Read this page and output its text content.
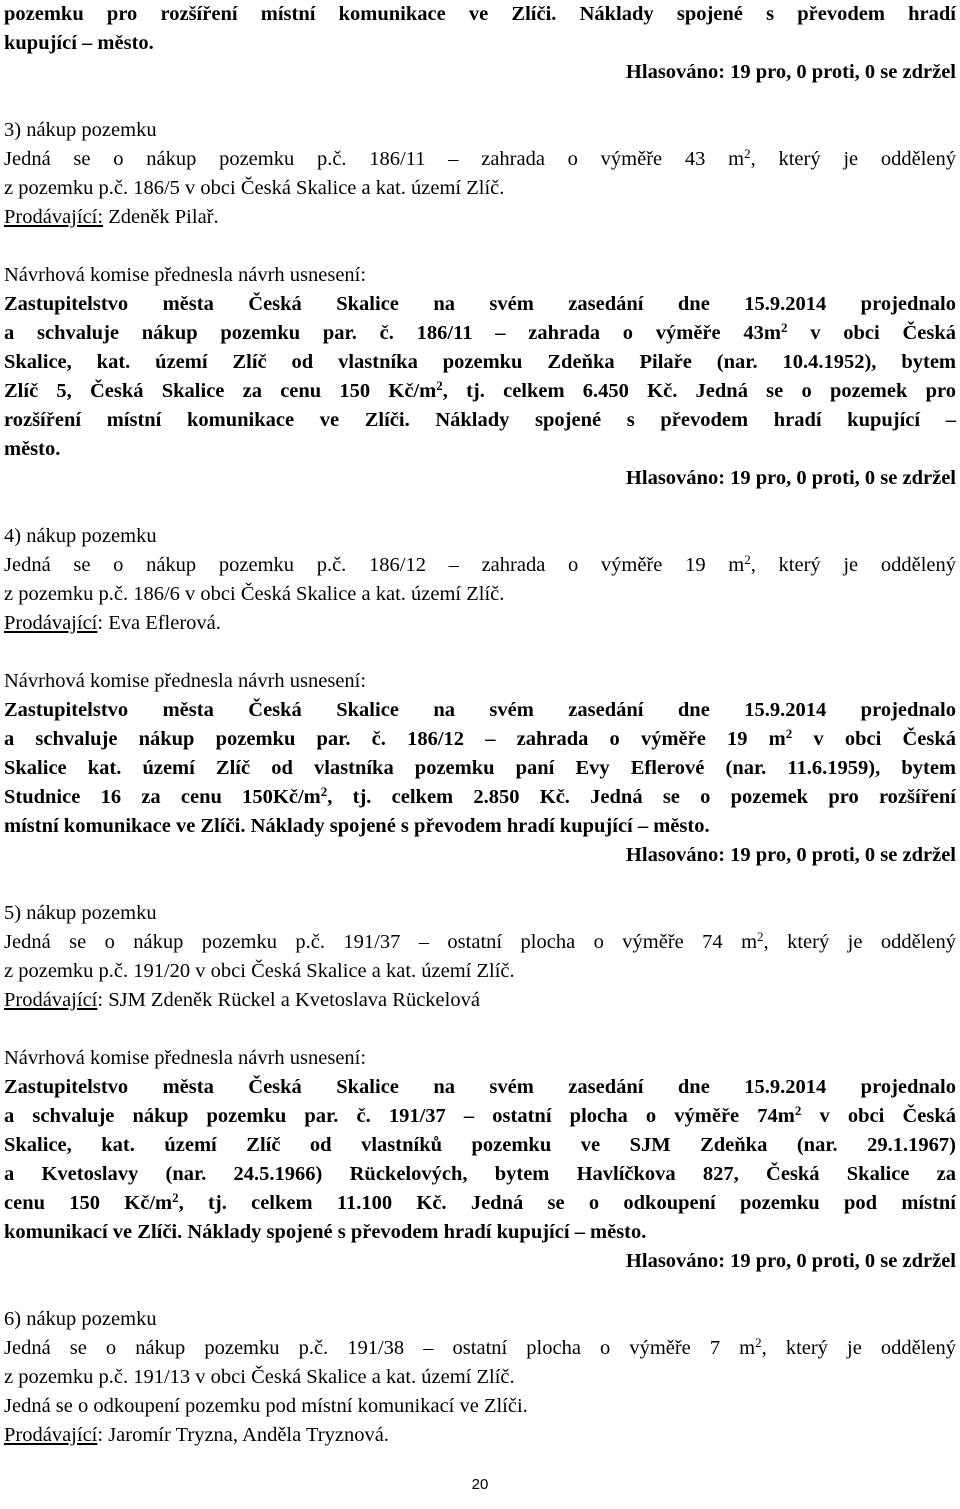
pozemku pro rozšíření místní komunikace ve Zlíči. Náklady spojené s převodem hradí

kupující – město.

Hlasováno: 19 pro, 0 proti, 0 se zdržel

3) nákup pozemku

Jedná se o nákup pozemku p.č. 186/11 – zahrada o výměře 43 $m^2$, který je oddělený

z pozemku p.č. 186/5 v obci Česká Skalice a kat. území Zlíč.

Prodávající: Zdeněk Pilař.

Návrhová komise přednesla návrh usnesení:

Zastupitelstvo města Česká Skalice na svém zasedání dne 15.9.2014 projednalo

a schvaluje nákup pozemku par. č. 186/11 – zahrada o výměře $43m^2$ v obci Česká

Skalice, kat. území Zlíč od vlastníka pozemku Zdeňka Pilaře (nar. 10.4.1952), bytem

Zlíč 5, Česká Skalice za cenu 150 $Kč/m^2$, tj. celkem 6.450 Kč. Jedná se o pozemek pro

rozšíření místní komunikace ve Zlíči. Náklady spojené s převodem hradí kupující –

město.

Hlasováno: 19 pro, 0 proti, 0 se zdržel

4) nákup pozemku

Jedná se o nákup pozemku p.č. 186/12 – zahrada o výměře 19 $m^2$, který je oddělený

z pozemku p.č. 186/6 v obci Česká Skalice a kat. území Zlíč.

Prodávající: Eva Eflerová.

Návrhová komise přednesla návrh usnesení:

Zastupitelstvo města Česká Skalice na svém zasedání dne 15.9.2014 projednalo

a schvaluje nákup pozemku par. č. 186/12 – zahrada o výměře 19 $m^2$ v obci Česká

Skalice kat. území Zlíč od vlastníka pozemku paní Evy Eflerové (nar. 11.6.1959), bytem

Studnice 16 za cenu $150Kč/m^2$, tj. celkem 2.850 Kč. Jedná se o pozemek pro rozšíření

místní komunikace ve Zlíči. Náklady spojené s převodem hradí kupující – město.

Hlasováno: 19 pro, 0 proti, 0 se zdržel

5) nákup pozemku

Jedná se o nákup pozemku p.č. 191/37 – ostatní plocha o výměře 74 $m^2$, který je oddělený

z pozemku p.č. 191/20 v obci Česká Skalice a kat. území Zlíč.

Prodávající: SJM Zdeněk Rückel a Kvetoslava Rückelová

Návrhová komise přednesla návrh usnesení:

Zastupitelstvo města Česká Skalice na svém zasedání dne 15.9.2014 projednalo

a schvaluje nákup pozemku par. č. 191/37 – ostatní plocha o výměře $74m^2$ v obci Česká

Skalice, kat. území Zlíč od vlastníků pozemku ve SJM Zdeňka (nar. 29.1.1967)

a Kvetoslavy (nar. 24.5.1966) Rückelových, bytem Havlíčkova 827, Česká Skalice za

cenu 150 $Kč/m^2$, tj. celkem 11.100 Kč. Jedná se o odkoupení pozemku pod místní

komunikací ve Zlíči. Náklady spojené s převodem hradí kupující – město.

Hlasováno: 19 pro, 0 proti, 0 se zdržel

6) nákup pozemku

Jedná se o nákup pozemku p.č. 191/38 – ostatní plocha o výměře 7 $m^2$, který je oddělený

z pozemku p.č. 191/13 v obci Česká Skalice a kat. území Zlíč.

Jedná se o odkoupení pozemku pod místní komunikací ve Zlíči.

Prodávající: Jaromír Tryzna, Anděla Tryznová.

20
